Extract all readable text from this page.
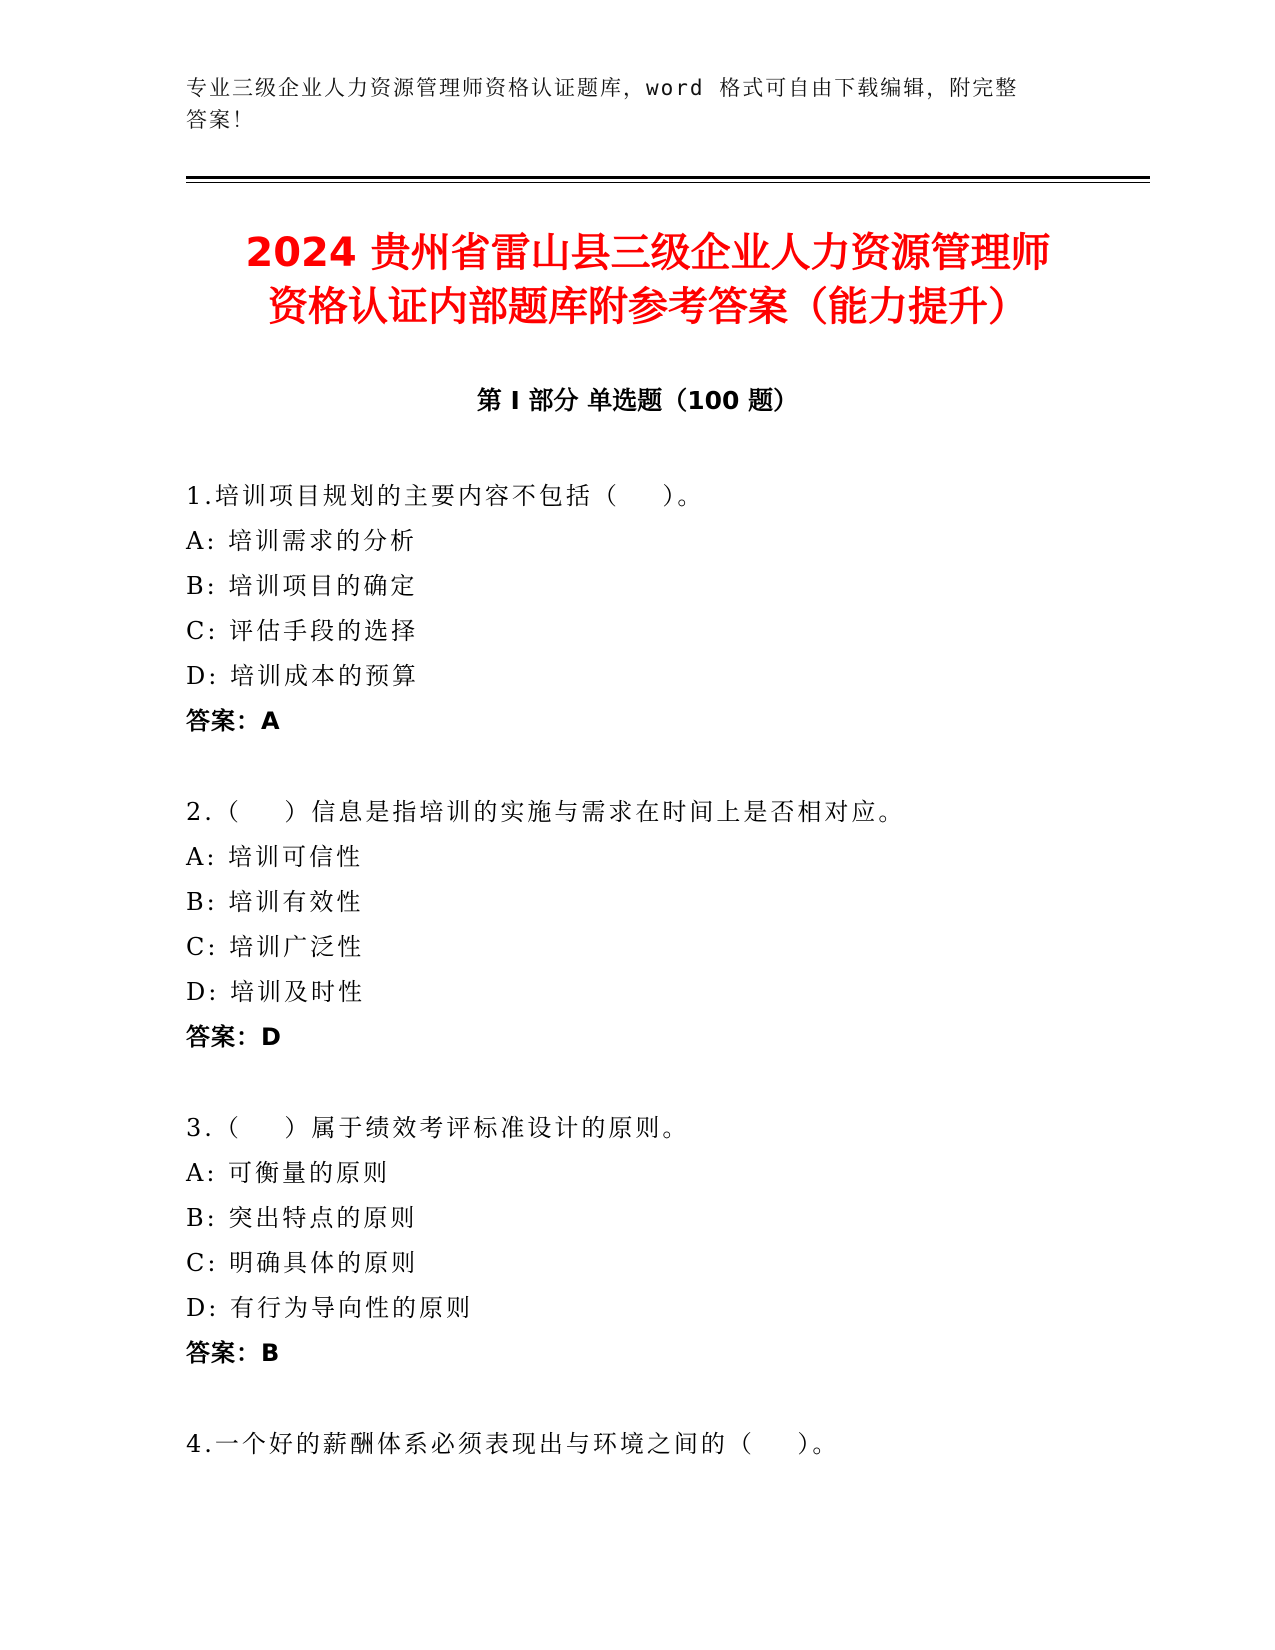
专业三级企业人力资源管理师资格认证题库，word 格式可自由下载编辑，附完整
答案！
2024 贵州省雷山县三级企业人力资源管理师
资格认证内部题库附参考答案（能力提升）
第 I 部分 单选题（100 题）
1.培训项目规划的主要内容不包括（    ）。
A: 培训需求的分析
B: 培训项目的确定
C: 评估手段的选择
D: 培训成本的预算
答案：A
2.（    ）信息是指培训的实施与需求在时间上是否相对应。
A: 培训可信性
B: 培训有效性
C: 培训广泛性
D: 培训及时性
答案：D
3.（    ）属于绩效考评标准设计的原则。
A: 可衡量的原则
B: 突出特点的原则
C: 明确具体的原则
D: 有行为导向性的原则
答案：B
4.一个好的薪酬体系必须表现出与环境之间的（    ）。
